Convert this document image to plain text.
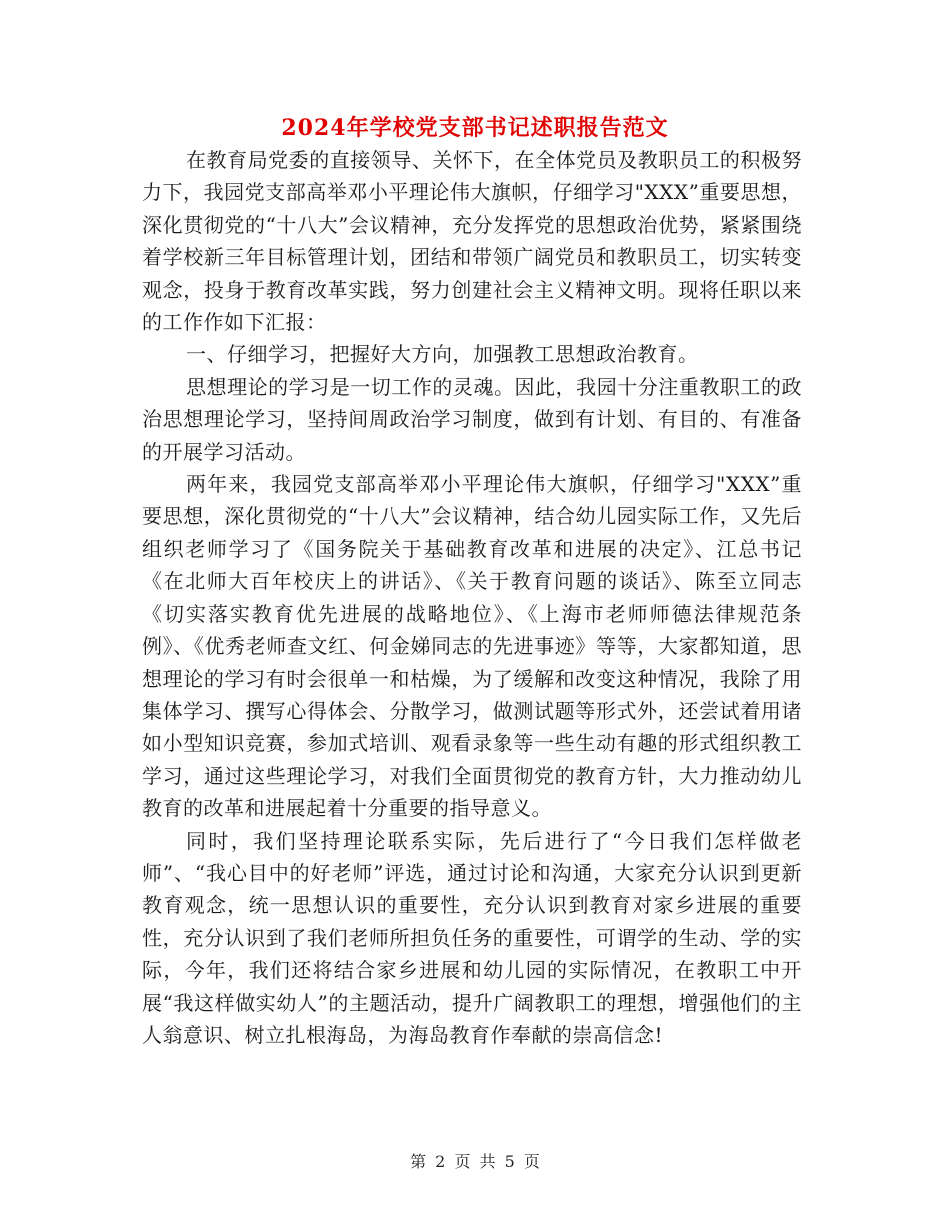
2024年学校党支部书记述职报告范文

在教育局党委的直接领导、关怀下，在全体党员及教职员工的积极努力下，我园党支部高举邓小平理论伟大旗帜，仔细学习"XXX”重要思想，深化贯彻党的“十八大”会议精神，充分发挥党的思想政治优势，紧紧围绕着学校新三年目标管理计划，团结和带领广阔党员和教职员工，切实转变观念，投身于教育改革实践，努力创建社会主义精神文明。现将任职以来的工作作如下汇报：

一、仔细学习，把握好大方向，加强教工思想政治教育。

思想理论的学习是一切工作的灵魂。因此，我园十分注重教职工的政治思想理论学习，坚持间周政治学习制度，做到有计划、有目的、有准备的开展学习活动。

两年来，我园党支部高举邓小平理论伟大旗帜，仔细学习"XXX”重要思想，深化贯彻党的“十八大”会议精神，结合幼儿园实际工作，又先后组织老师学习了《国务院关于基础教育改革和进展的决定》、江总书记《在北师大百年校庆上的讲话》、《关于教育问题的谈话》、陈至立同志《切实落实教育优先进展的战略地位》、《上海市老师师德法律规范条例》、《优秀老师查文红、何金娣同志的先进事迹》等等，大家都知道，思想理论的学习有时会很单一和枯燥，为了缓解和改变这种情况，我除了用集体学习、撰写心得体会、分散学习，做测试题等形式外，还尝试着用诸如小型知识竞赛，参加式培训、观看录象等一些生动有趣的形式组织教工学习，通过这些理论学习，对我们全面贯彻党的教育方针，大力推动幼儿教育的改革和进展起着十分重要的指导意义。

同时，我们坚持理论联系实际，先后进行了“今日我们怎样做老师”、“我心目中的好老师”评选，通过讨论和沟通，大家充分认识到更新教育观念，统一思想认识的重要性，充分认识到教育对家乡进展的重要性，充分认识到了我们老师所担负任务的重要性，可谓学的生动、学的实际，今年，我们还将结合家乡进展和幼儿园的实际情况，在教职工中开展“我这样做实幼人”的主题活动，提升广阔教职工的理想，增强他们的主人翁意识、树立扎根海岛，为海岛教育作奉献的崇高信念!

第 2 页 共 5 页
